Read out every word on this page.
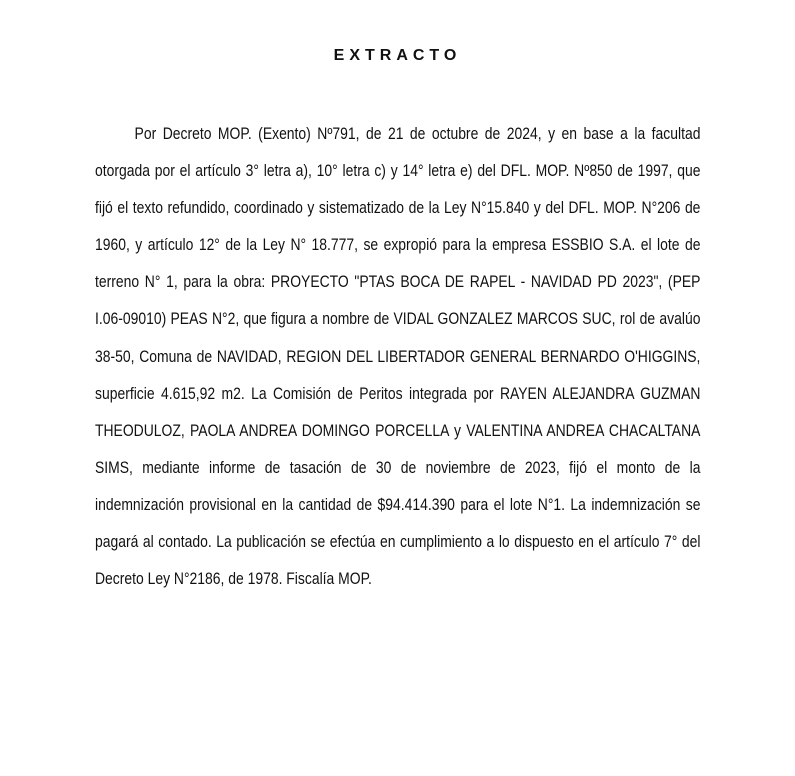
EXTRACTO

Por Decreto MOP. (Exento) Nº791, de 21 de octubre de 2024, y en base a la facultad otorgada por el artículo 3° letra a), 10° letra c) y 14° letra e) del DFL. MOP. Nº850 de 1997, que fijó el texto refundido, coordinado y sistematizado de la Ley N°15.840 y del DFL. MOP. N°206 de 1960, y artículo 12° de la Ley N° 18.777, se expropió para la empresa ESSBIO S.A. el lote de terreno N° 1, para la obra: PROYECTO "PTAS BOCA DE RAPEL - NAVIDAD PD 2023", (PEP I.06-09010) PEAS N°2, que figura a nombre de VIDAL GONZALEZ MARCOS SUC, rol de avalúo 38-50, Comuna de NAVIDAD, REGION DEL LIBERTADOR GENERAL BERNARDO O'HIGGINS, superficie 4.615,92 m2. La Comisión de Peritos integrada por RAYEN ALEJANDRA GUZMAN THEODULOZ, PAOLA ANDREA DOMINGO PORCELLA y VALENTINA ANDREA CHACALTANA SIMS, mediante informe de tasación de 30 de noviembre de 2023, fijó el monto de la indemnización provisional en la cantidad de $94.414.390 para el lote N°1. La indemnización se pagará al contado. La publicación se efectúa en cumplimiento a lo dispuesto en el artículo 7° del Decreto Ley N°2186, de 1978. Fiscalía MOP.
